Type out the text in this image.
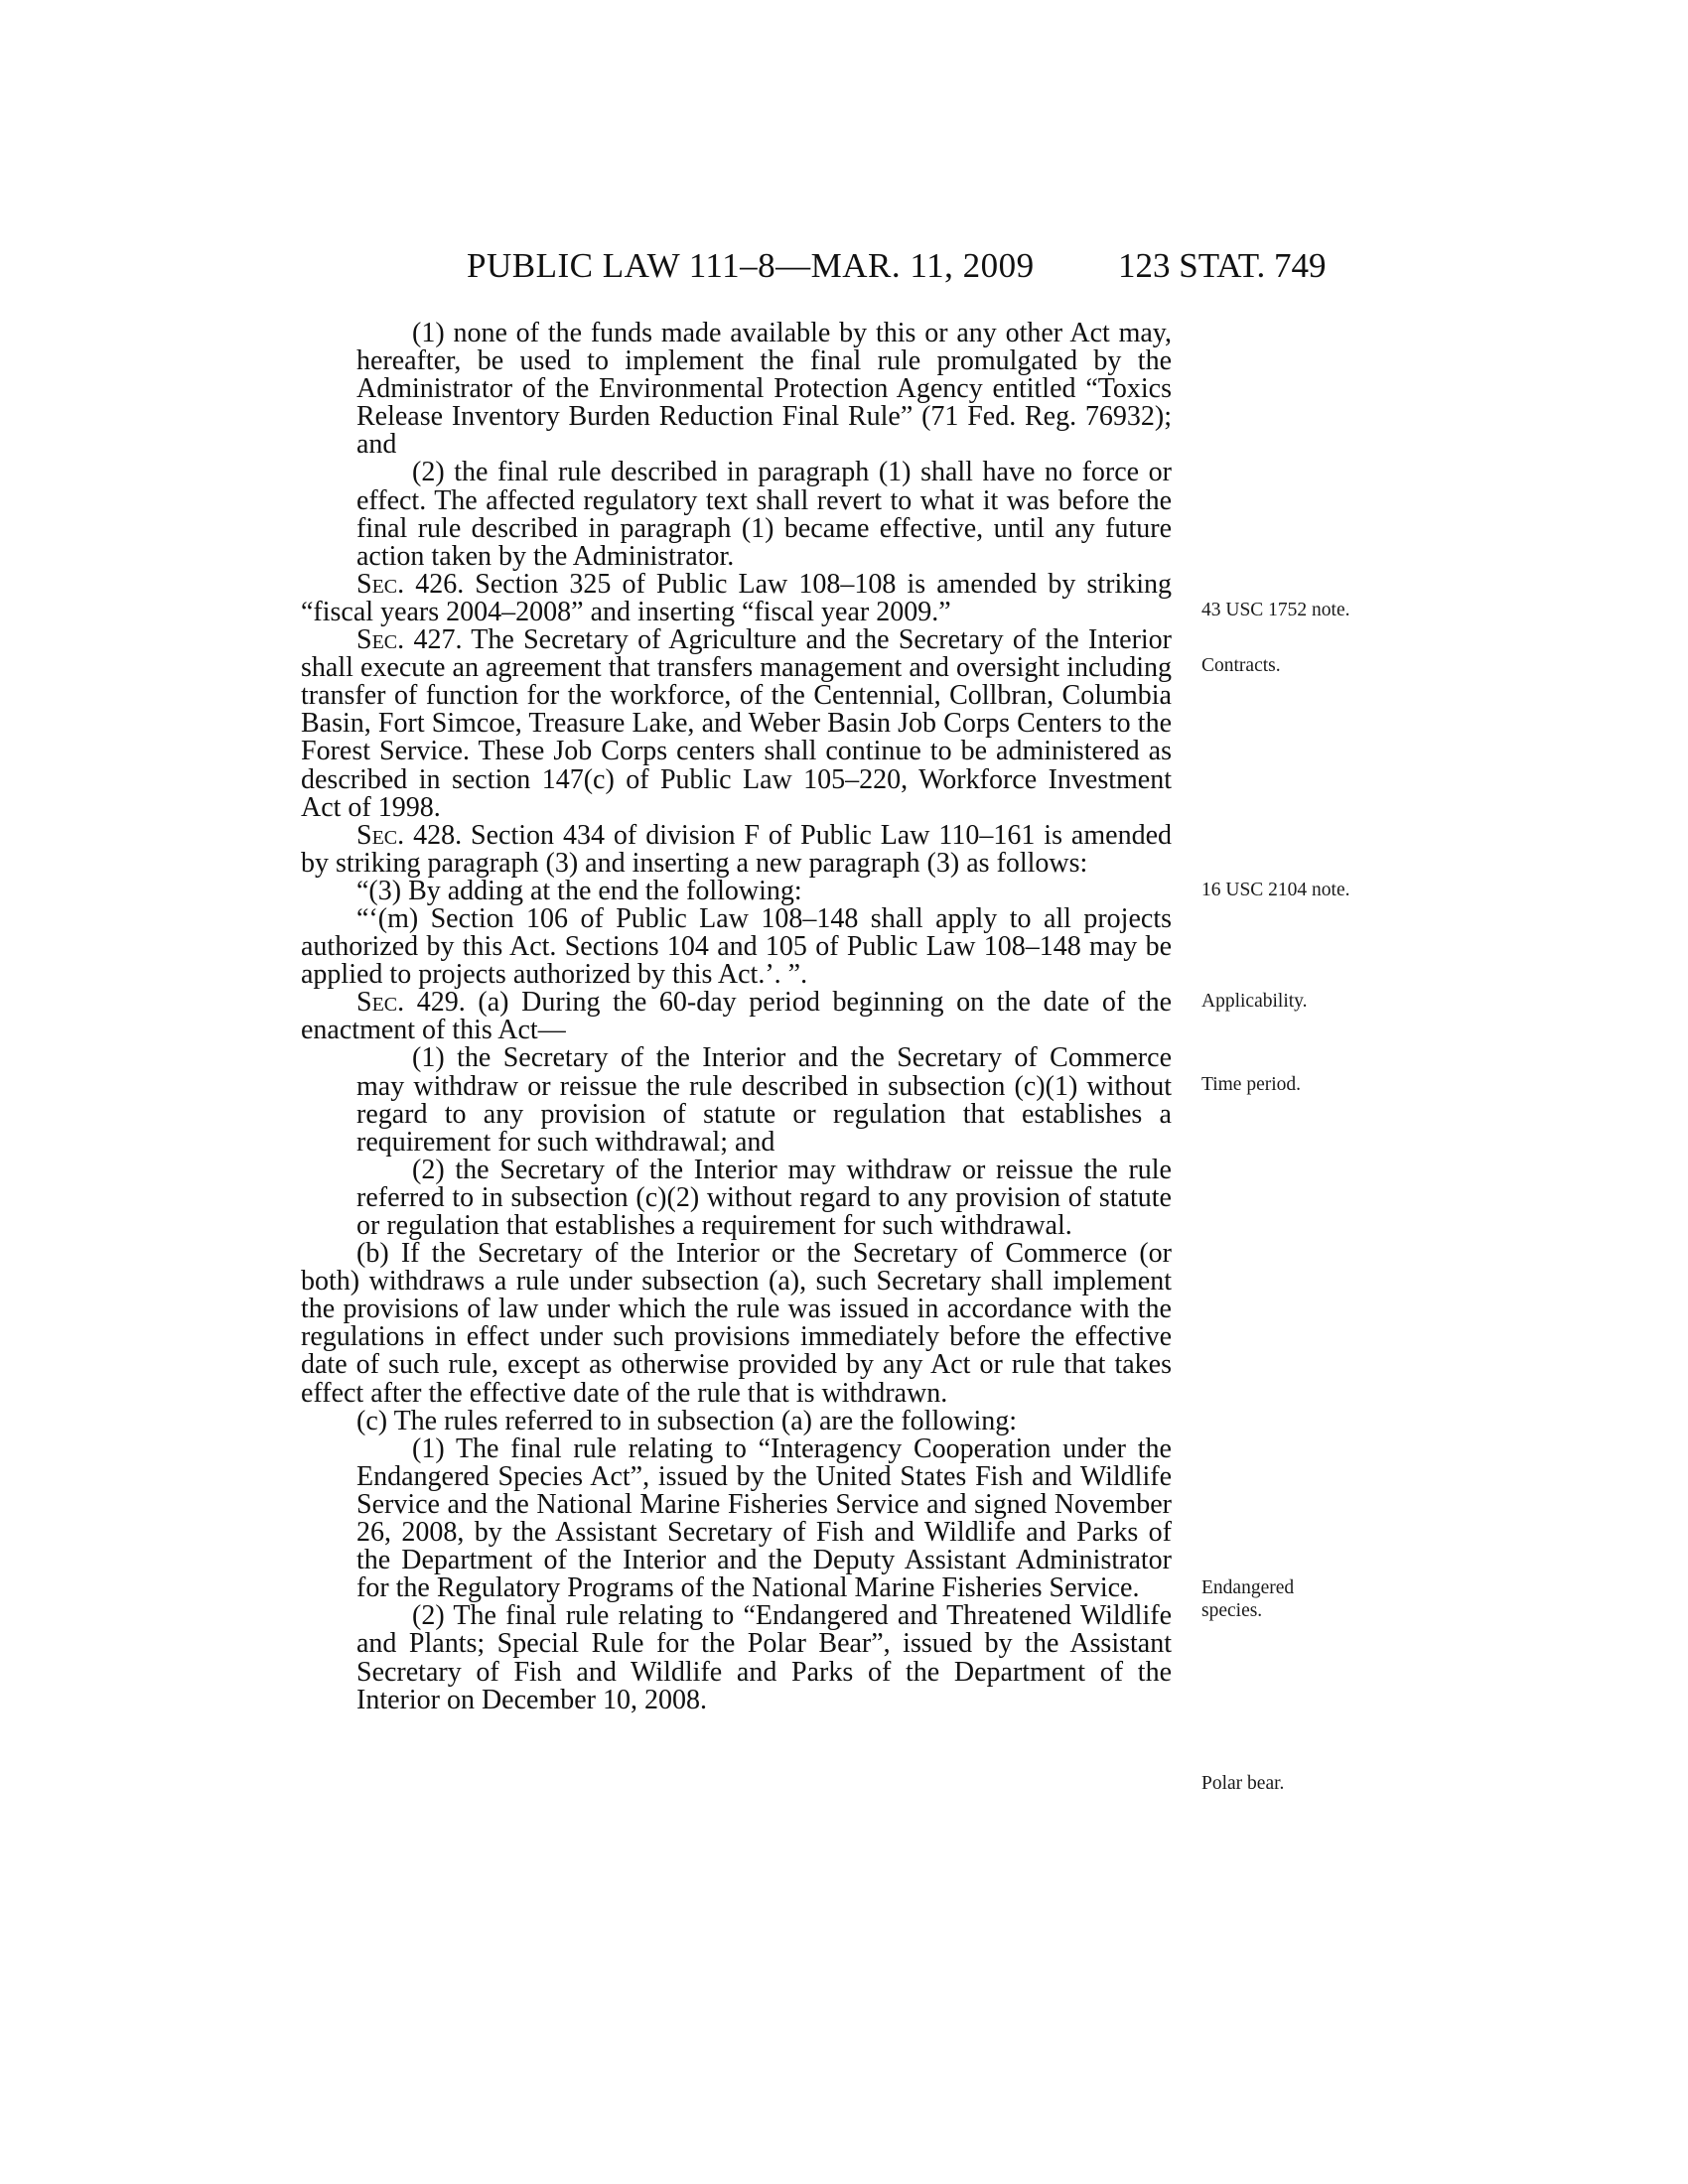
PUBLIC LAW 111–8—MAR. 11, 2009 123 STAT. 749

(1) none of the funds made available by this or any other Act may, hereafter, be used to implement the final rule promulgated by the Administrator of the Environmental Protection Agency entitled “Toxics Release Inventory Burden Reduction Final Rule” (71 Fed. Reg. 76932); and

(2) the final rule described in paragraph (1) shall have no force or effect. The affected regulatory text shall revert to what it was before the final rule described in paragraph (1) became effective, until any future action taken by the Administrator.

Sec. 426. Section 325 of Public Law 108–108 is amended by striking “fiscal years 2004–2008” and inserting “fiscal year 2009.”

Sec. 427. The Secretary of Agriculture and the Secretary of the Interior shall execute an agreement that transfers management and oversight including transfer of function for the workforce, of the Centennial, Collbran, Columbia Basin, Fort Simcoe, Treasure Lake, and Weber Basin Job Corps Centers to the Forest Service. These Job Corps centers shall continue to be administered as described in section 147(c) of Public Law 105–220, Workforce Investment Act of 1998.

Sec. 428. Section 434 of division F of Public Law 110–161 is amended by striking paragraph (3) and inserting a new paragraph (3) as follows:

“(3) By adding at the end the following:

“‘(m) Section 106 of Public Law 108–148 shall apply to all projects authorized by this Act. Sections 104 and 105 of Public Law 108–148 may be applied to projects authorized by this Act.’. ”.

Sec. 429. (a) During the 60-day period beginning on the date of the enactment of this Act—

(1) the Secretary of the Interior and the Secretary of Commerce may withdraw or reissue the rule described in subsection (c)(1) without regard to any provision of statute or regulation that establishes a requirement for such withdrawal; and

(2) the Secretary of the Interior may withdraw or reissue the rule referred to in subsection (c)(2) without regard to any provision of statute or regulation that establishes a requirement for such withdrawal.

(b) If the Secretary of the Interior or the Secretary of Commerce (or both) withdraws a rule under subsection (a), such Secretary shall implement the provisions of law under which the rule was issued in accordance with the regulations in effect under such provisions immediately before the effective date of such rule, except as otherwise provided by any Act or rule that takes effect after the effective date of the rule that is withdrawn.

(c) The rules referred to in subsection (a) are the following:

(1) The final rule relating to “Interagency Cooperation under the Endangered Species Act”, issued by the United States Fish and Wildlife Service and the National Marine Fisheries Service and signed November 26, 2008, by the Assistant Secretary of Fish and Wildlife and Parks of the Department of the Interior and the Deputy Assistant Administrator for the Regulatory Programs of the National Marine Fisheries Service.

(2) The final rule relating to “Endangered and Threatened Wildlife and Plants; Special Rule for the Polar Bear”, issued by the Assistant Secretary of Fish and Wildlife and Parks of the Department of the Interior on December 10, 2008.

43 USC 1752 note.
Contracts.
16 USC 2104 note.
Applicability.
Time period.
Endangered species.
Polar bear.
